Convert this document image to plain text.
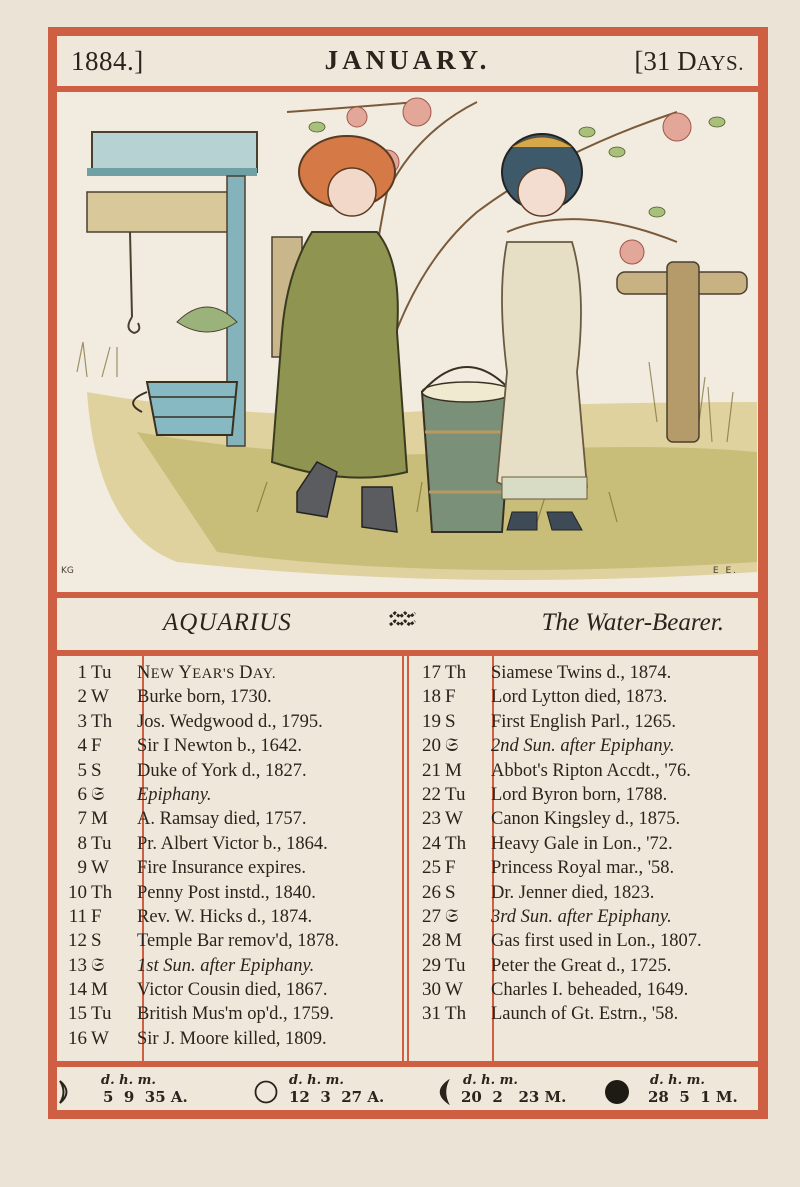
1884.]	JANUARY.	[31 DAYS.
KG	E E.
AQUARIUS	The Water-Bearer.
1 Tu	NEW YEAR'S DAY.
2 W	Burke born, 1730.
3 Th	Jos. Wedgwood d., 1795.
4 F	Sir I Newton b., 1642.
5 S	Duke of York d., 1827.
6 𝔖	Epiphany.
7 M	A. Ramsay died, 1757.
8 Tu	Pr. Albert Victor b., 1864.
9 W	Fire Insurance expires.
10 Th	Penny Post instd., 1840.
11 F	Rev. W. Hicks d., 1874.
12 S	Temple Bar remov'd, 1878.
13 𝔖	1st Sun. after Epiphany.
14 M	Victor Cousin died, 1867.
15 Tu	British Mus'm op'd., 1759.
16 W	Sir J. Moore killed, 1809.
17 Th	Siamese Twins d., 1874.
18 F	Lord Lytton died, 1873.
19 S	First English Parl., 1265.
20 𝔖	2nd Sun. after Epiphany.
21 M	Abbot's Ripton Accdt., '76.
22 Tu	Lord Byron born, 1788.
23 W	Canon Kingsley d., 1875.
24 Th	Heavy Gale in Lon., '72.
25 F	Princess Royal mar., '58.
26 S	Dr. Jenner died, 1823.
27 𝔖	3rd Sun. after Epiphany.
28 M	Gas first used in Lon., 1807.
29 Tu	Peter the Great d., 1725.
30 W	Charles I. beheaded, 1649.
31 Th	Launch of Gt. Estrn., '58.
d. h. m.
5 9 35 A.
d. h. m.
12 3 27 A.
d. h. m.
20 2 23 M.
d. h. m.
28 5 1 M.
